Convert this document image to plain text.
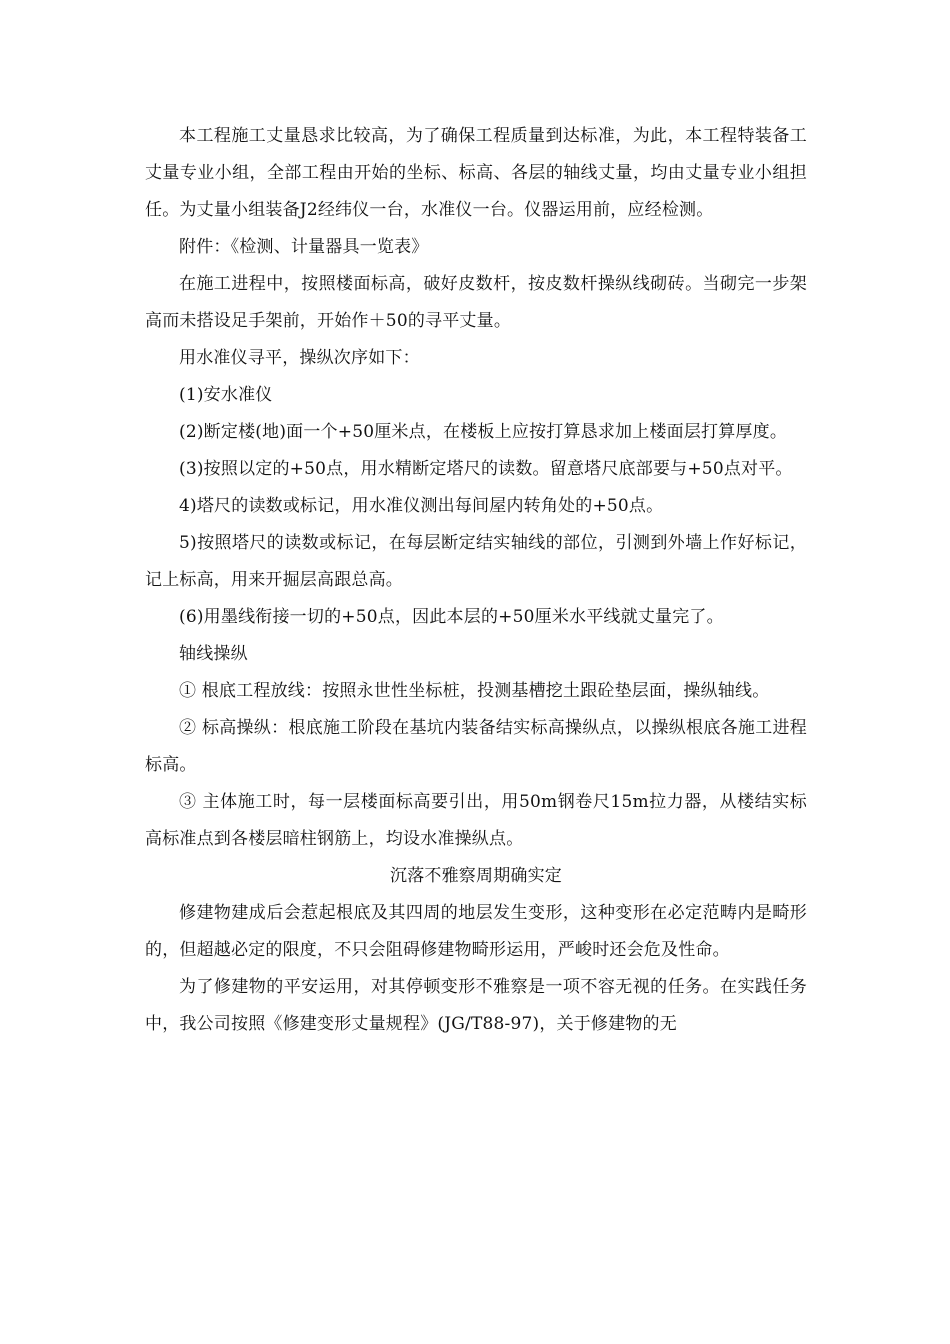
本工程施工丈量恳求比较高，为了确保工程质量到达标准，为此，本工程特装备工丈量专业小组，全部工程由开始的坐标、标高、各层的轴线丈量，均由丈量专业小组担任。为丈量小组装备J2经纬仪一台，水准仪一台。仪器运用前，应经检测。

附件：《检测、计量器具一览表》

在施工进程中，按照楼面标高，破好皮数杆，按皮数杆操纵线砌砖。当砌完一步架高而未搭设足手架前，开始作＋50的寻平丈量。

用水准仪寻平，操纵次序如下：

(1)安水准仪

(2)断定楼(地)面一个+50厘米点，在楼板上应按打算恳求加上楼面层打算厚度。

(3)按照以定的+50点，用水精断定塔尺的读数。留意塔尺底部要与+50点对平。

4)塔尺的读数或标记，用水准仪测出每间屋内转角处的+50点。

5)按照塔尺的读数或标记，在每层断定结实轴线的部位，引测到外墙上作好标记，记上标高，用来开掘层高跟总高。

(6)用墨线衔接一切的+50点，因此本层的+50厘米水平线就丈量完了。

轴线操纵

① 根底工程放线：按照永世性坐标桩，投测基槽挖土跟砼垫层面，操纵轴线。

② 标高操纵：根底施工阶段在基坑内装备结实标高操纵点，以操纵根底各施工进程标高。

③ 主体施工时，每一层楼面标高要引出，用50m钢卷尺15m拉力器，从楼结实标高标准点到各楼层暗柱钢筋上，均设水准操纵点。

沉落不雅察周期确实定

修建物建成后会惹起根底及其四周的地层发生变形，这种变形在必定范畴内是畸形的，但超越必定的限度，不只会阻碍修建物畸形运用，严峻时还会危及性命。

为了修建物的平安运用，对其停顿变形不雅察是一项不容无视的任务。在实践任务中，我公司按照《修建变形丈量规程》(JG/T88-97)，关于修建物的无
